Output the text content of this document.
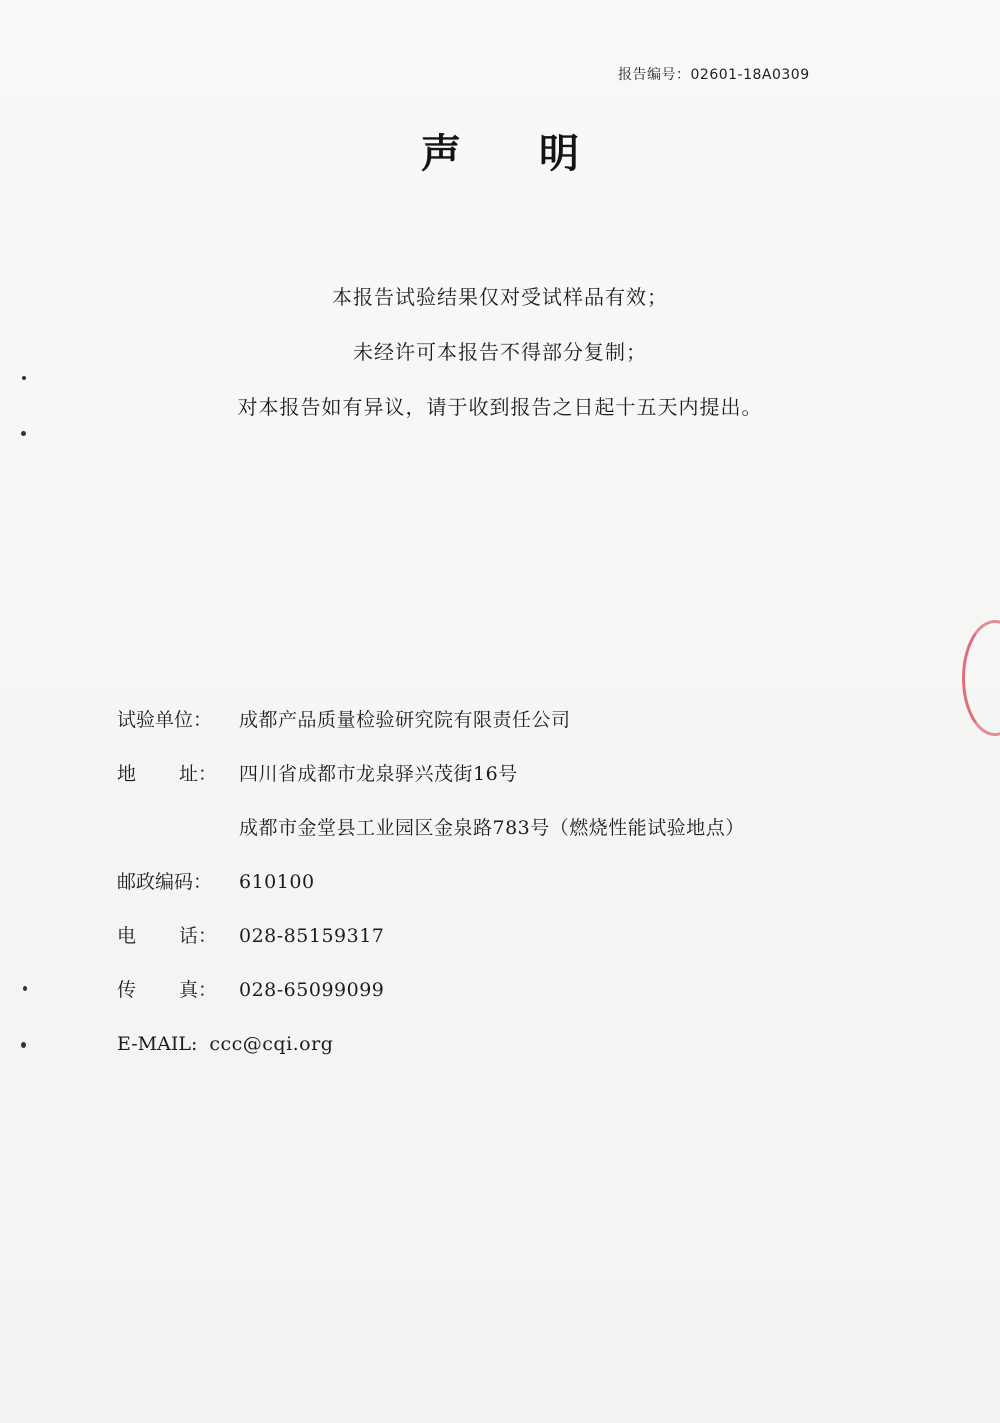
报告编号：02601-18A0309
声明
本报告试验结果仅对受试样品有效；
未经许可本报告不得部分复制；
对本报告如有异议，请于收到报告之日起十五天内提出。
试验单位：	成都产品质量检验研究院有限责任公司
地 址： 四川省成都市龙泉驿兴茂街16号
成都市金堂县工业园区金泉路783号（燃烧性能试验地点）
邮政编码：	610100
电 话： 028-85159317
传 真： 028-65099099
E-MAIL: ccc@cqi.org
